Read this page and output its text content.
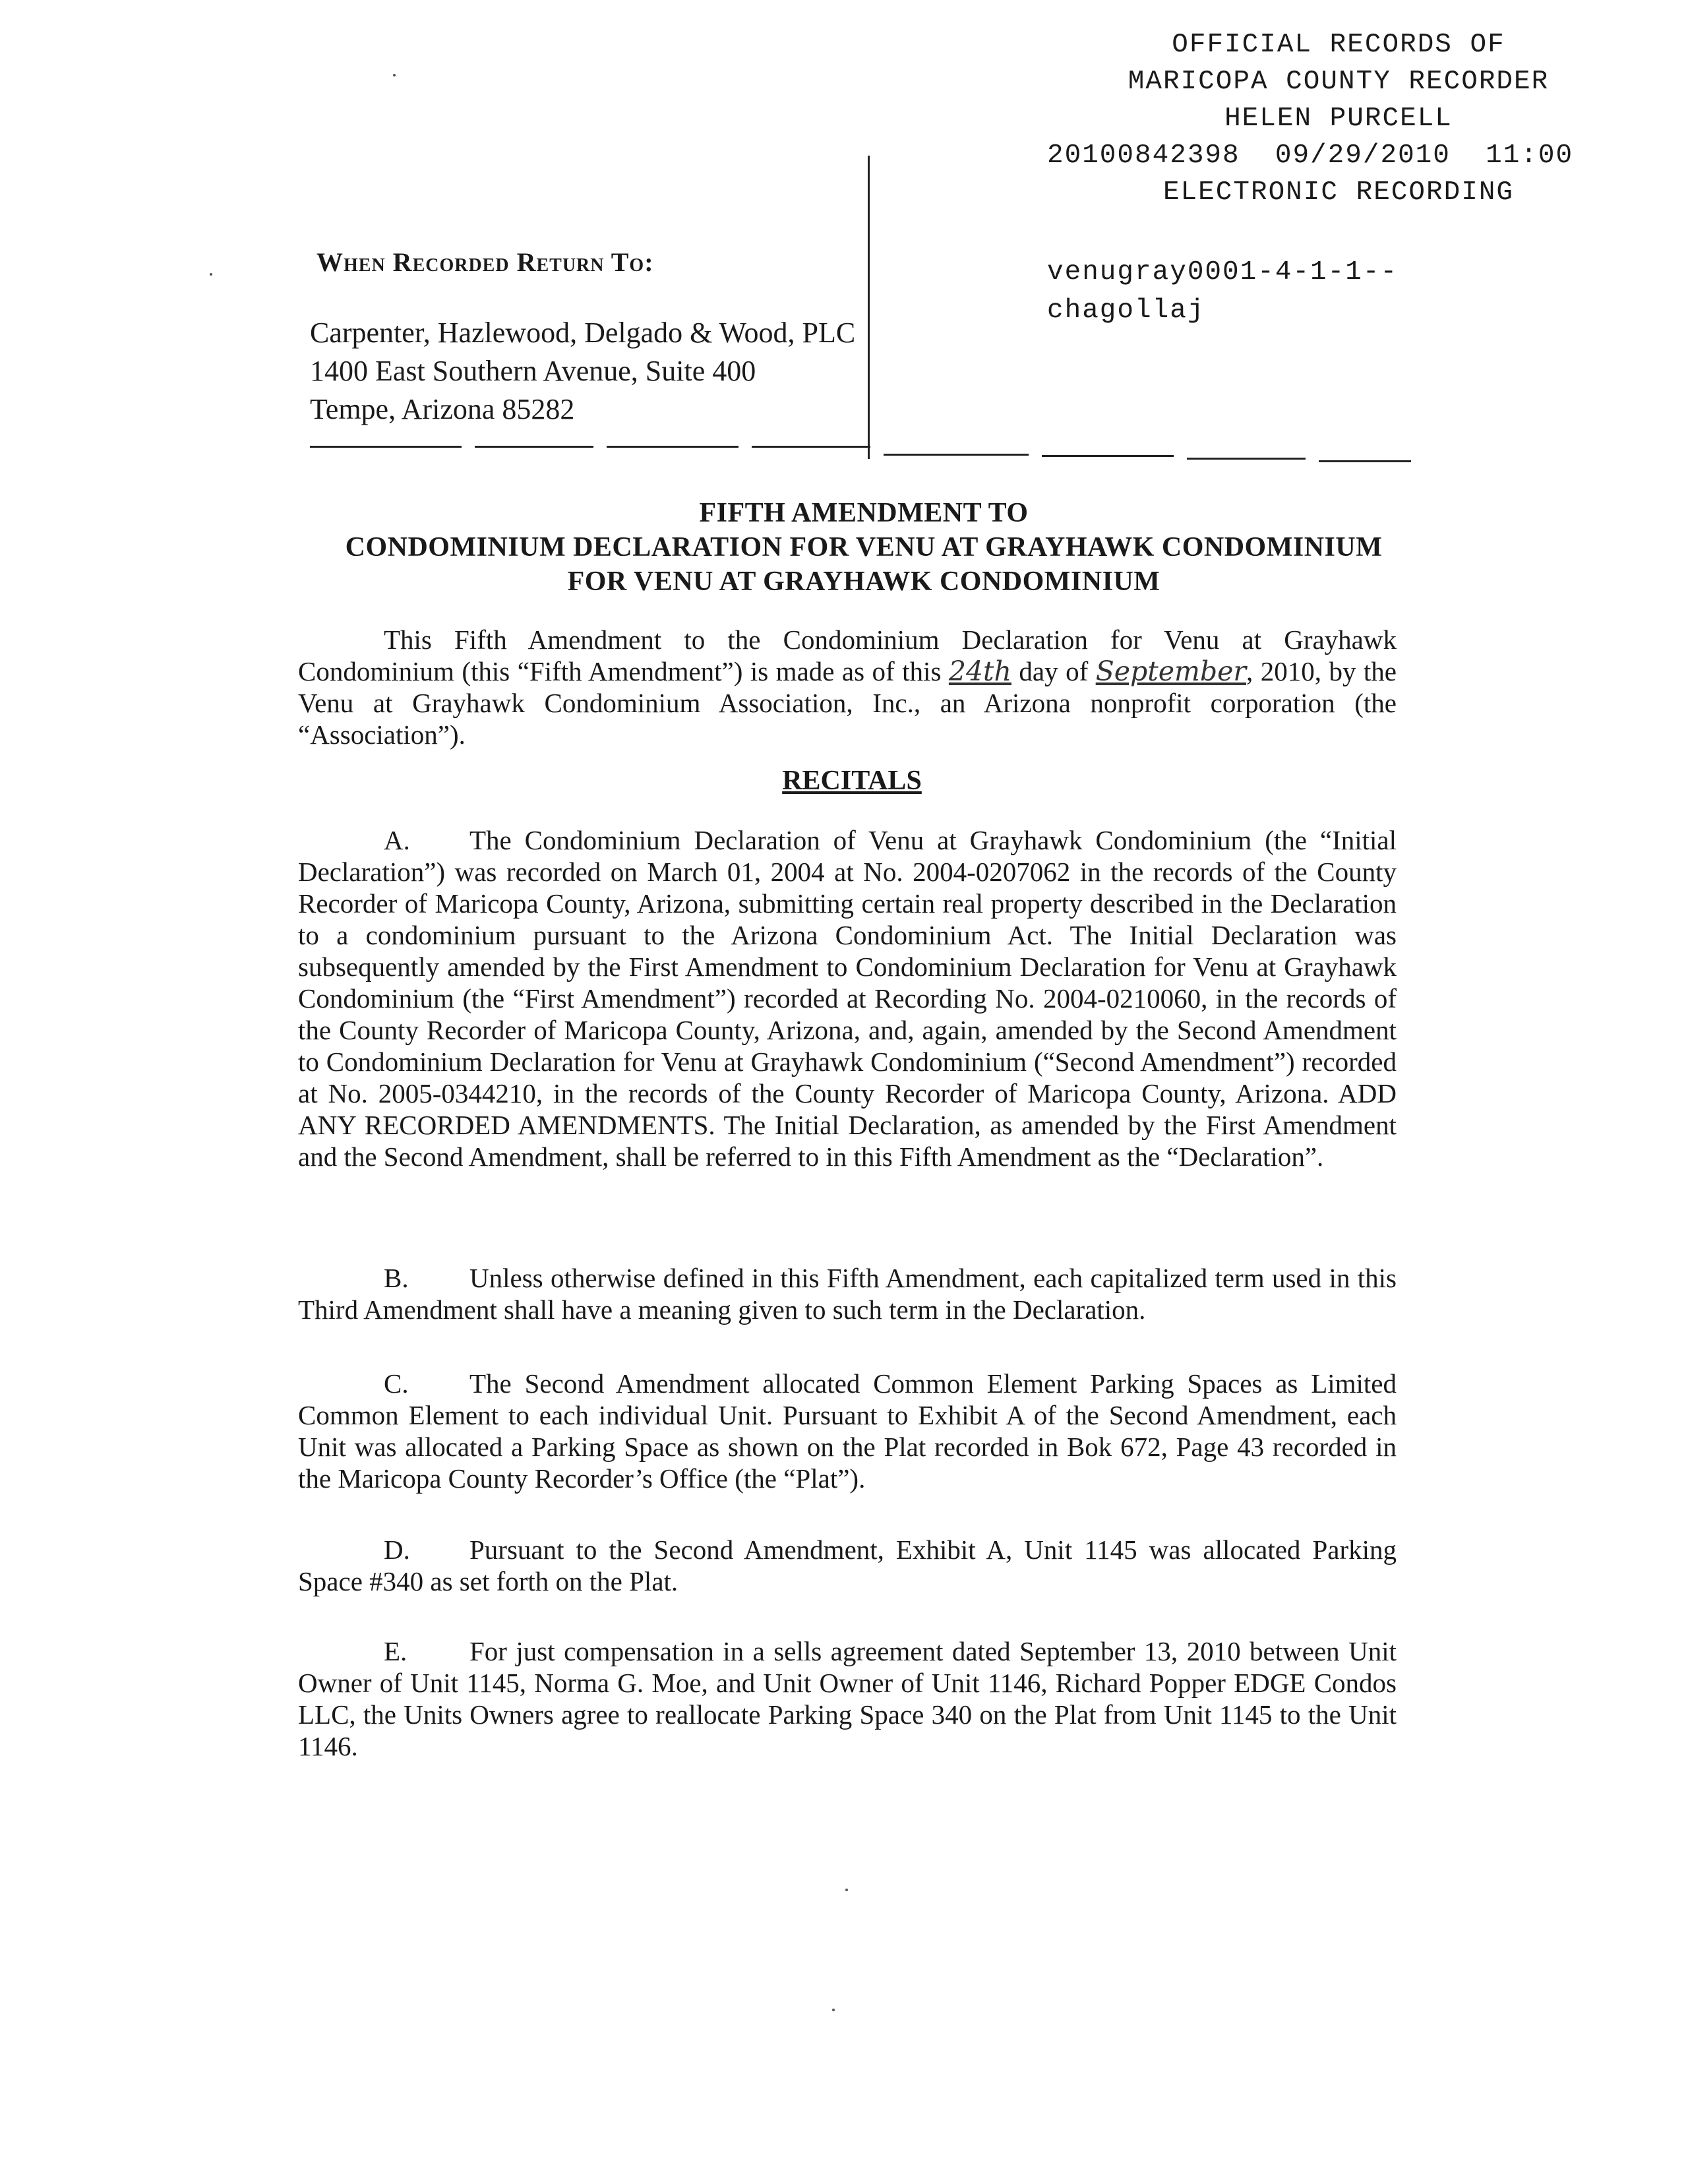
OFFICIAL RECORDS OF
MARICOPA COUNTY RECORDER
HELEN PURCELL
20100842398  09/29/2010  11:00
ELECTRONIC RECORDING
venugray0001-4-1-1--
chagollaj
When Recorded Return To:
Carpenter, Hazlewood, Delgado & Wood, PLC
1400 East Southern Avenue, Suite 400
Tempe, Arizona 85282
FIFTH AMENDMENT TO
CONDOMINIUM DECLARATION FOR VENU AT GRAYHAWK CONDOMINIUM
FOR VENU AT GRAYHAWK CONDOMINIUM
This Fifth Amendment to the Condominium Declaration for Venu at Grayhawk Condominium (this “Fifth Amendment”) is made as of this 24th day of September, 2010, by the Venu at Grayhawk Condominium Association, Inc., an Arizona nonprofit corporation (the “Association”).
RECITALS
A. The Condominium Declaration of Venu at Grayhawk Condominium (the “Initial Declaration”) was recorded on March 01, 2004 at No. 2004-0207062 in the records of the County Recorder of Maricopa County, Arizona, submitting certain real property described in the Declaration to a condominium pursuant to the Arizona Condominium Act. The Initial Declaration was subsequently amended by the First Amendment to Condominium Declaration for Venu at Grayhawk Condominium (the “First Amendment”) recorded at Recording No. 2004-0210060, in the records of the County Recorder of Maricopa County, Arizona, and, again, amended by the Second Amendment to Condominium Declaration for Venu at Grayhawk Condominium (“Second Amendment”) recorded at No. 2005-0344210, in the records of the County Recorder of Maricopa County, Arizona. ADD ANY RECORDED AMENDMENTS. The Initial Declaration, as amended by the First Amendment and the Second Amendment, shall be referred to in this Fifth Amendment as the “Declaration”.
B. Unless otherwise defined in this Fifth Amendment, each capitalized term used in this Third Amendment shall have a meaning given to such term in the Declaration.
C. The Second Amendment allocated Common Element Parking Spaces as Limited Common Element to each individual Unit. Pursuant to Exhibit A of the Second Amendment, each Unit was allocated a Parking Space as shown on the Plat recorded in Bok 672, Page 43 recorded in the Maricopa County Recorder’s Office (the “Plat”).
D. Pursuant to the Second Amendment, Exhibit A, Unit 1145 was allocated Parking Space #340 as set forth on the Plat.
E. For just compensation in a sells agreement dated September 13, 2010 between Unit Owner of Unit 1145, Norma G. Moe, and Unit Owner of Unit 1146, Richard Popper EDGE Condos LLC, the Units Owners agree to reallocate Parking Space 340 on the Plat from Unit 1145 to the Unit 1146.
